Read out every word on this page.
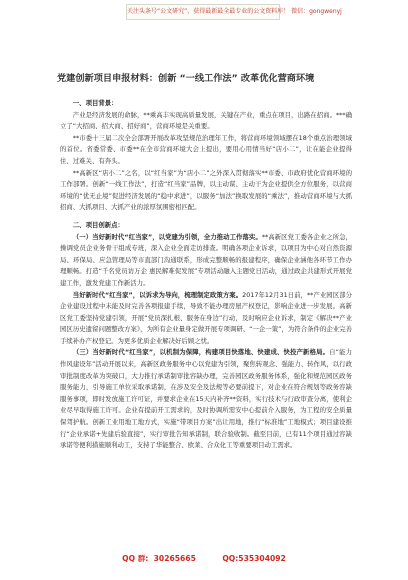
关注头条号“公文研究”，获得最新最全最专业的公文资料库！ 微信：gongwenyj
党建创新项目申报材料：创新 “一线工作法” 改革优化营商环境

一、项目背景：

产业是经济发展的命脉，**乘高丰实现高质量发展，关键在产业，重点在项目，出路在招商。***确立了“大招商、招大商、招好商”，营商环境是关重要。

**市委十三届二次全会部署开展改革攻坚规范治理年工作，将营商环境领域摆在18个重点治理领域的首位。省委常委、市委**在全市营商环境大会上提出，要用心用情当好“店小二”，让在能企业提得住、过难关、有奔头。

**高新区“店小二”之名，以“红当家”为“店小二”之外深入贯彻落实**市委、市政府优化营商环境的工作部署。创新“一线工作法”，打造“红当家”品牌，以主动谋、主动干为企业提供全方位服务，以营商环境的“优无止境”促进经济发展的“稳中求进”，以服务“加法”换取发展的“乘法”，推动营商环境与大抓招商、大抓项目、大抓产业的浓厚氛围密相匹配。

二、项目创新点：

（一）当好新时代“红当家”，以党建为引领，全力推动工作落实。**高新区党工委各企业之所急，操调党员企业务骨干组成专班，深入企业全面走访排查。明确各项企业诉求，以项目为中心对自然资源局、环保局、应急管理局等市直部门沟通联系，形成完整顺畅的报建程序，确保企业涵他各环节工作办理顺畅。打造“千名党员访万企 惠民解难促发展”专项活动融入主题党日活动，通过政企共建形式开展党建工作，激发党建工作新活力。

当好新时代“红当家”，以诉求为导向，梳理制定政策方案。2017年12月31日前，**产业园区部分企业建设过程中未能及时完善各项报建手续，导致不能办理房屋产权登记，影响企业进一步发展。高新区党工委坚持党建引领，开展“党员深扎根、服务在身边”行动，及时响应企业诉求，制定《解决**产业园区历史遗留问题整改方案》，为所有企业量身定做开展专项调研、“一企一策”，为符合条件的企业完善手续补办产权登记。为更多优质企业解决好后顾之忧。

（三）当好新时代“红当家”，以机制为保障，构建项目快落地、快建成、快投产新格局。自“能力作风建设年”活动开展以来，高新区政务服务中心以党建为引领，聚焦转观念、强能力、转作风，以行政审批制度改革为突破口，大力推行承诺制审批容缺办理，完善园区政务服务体系，强化和规范园区政务服务能力，引导施工单位采取承诺制，在涉及安全及法规等必要前提下，对企业在符合规划等政务容缺服务事项，即时发放施工许可证，并要求企业在15天内补齐**资料，实行技术与行政审查分离，使利企业尽早取得施工许可。企业有提前开工需求的，及时协调所需安中心提前介入服务，为工程的安全质量保驾护航。创新工业用地工地方式，实施“带项目方案”出让用地，推行“标准地”工地模式；项目建设推行“企业承诺+先建后验直接”，实行审批告知承诺制，联合验收制。截至目前，已有11个项目通过容缺承诺等便利措施顺利动工，支持了华能整合、欧莱、合众化工等重要项目动工需求。

QQ 群:  30265665          QQ:535304092
